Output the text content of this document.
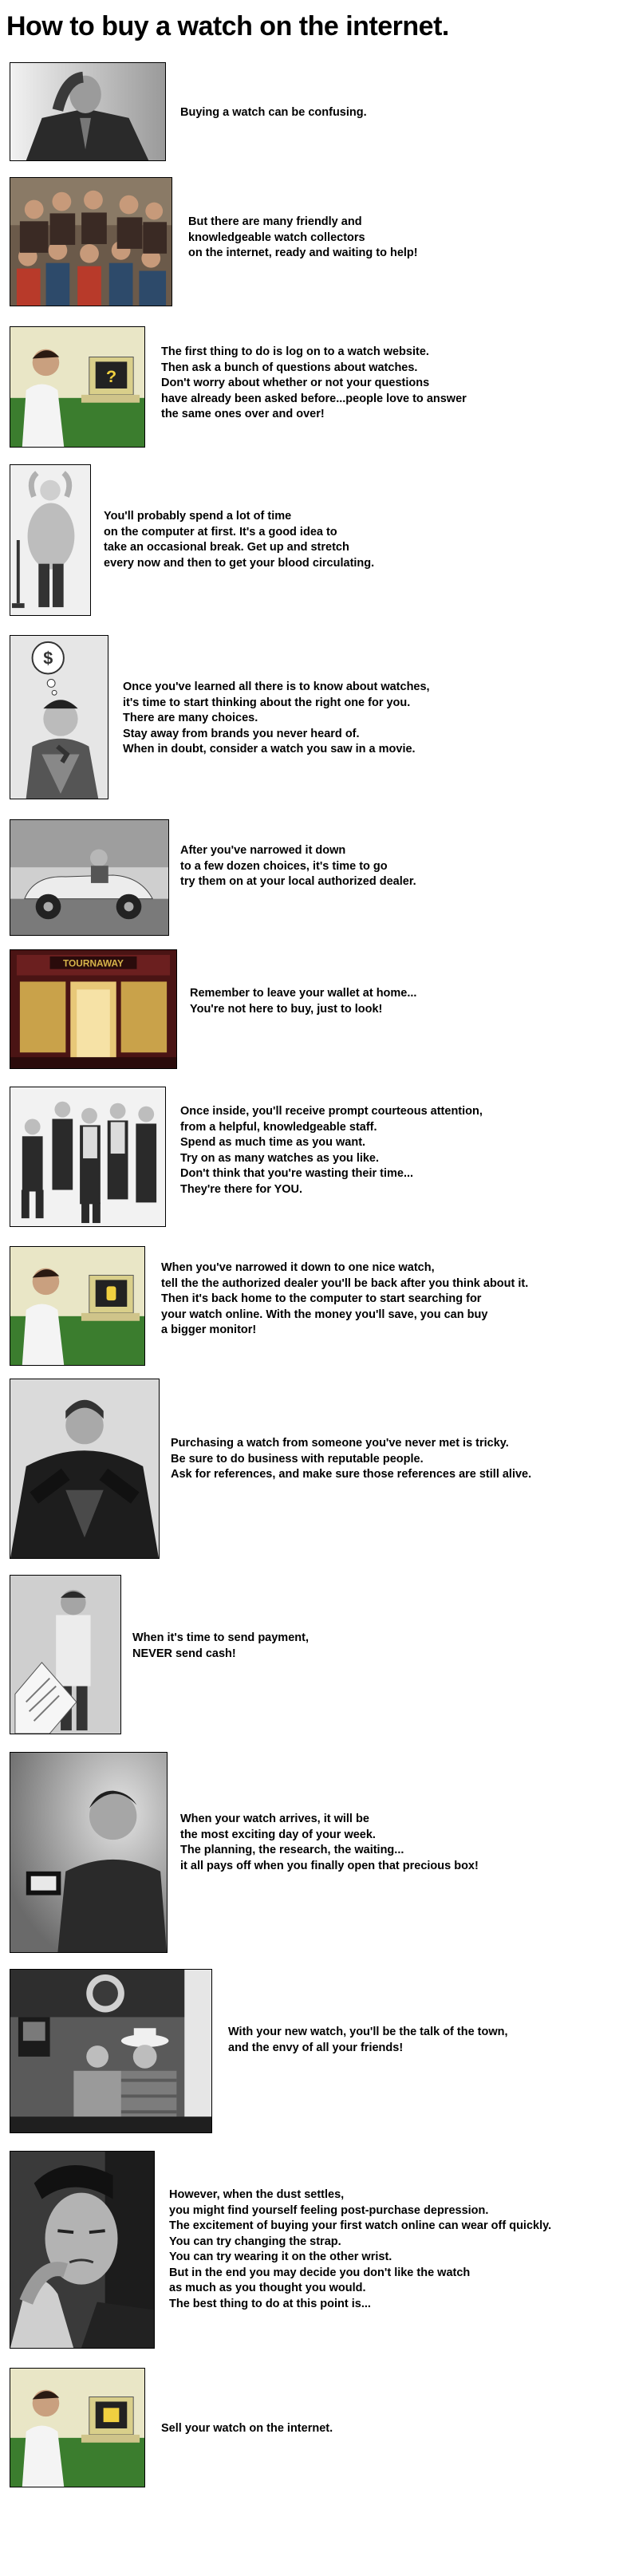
How to buy a watch on the internet.
Buying a watch can be confusing.
But there are many friendly and
knowledgeable watch collectors
on the internet, ready and waiting to help!
?
The first thing to do is log on to a watch website.
Then ask a bunch of questions about watches.
Don't worry about whether or not your questions
have already been asked before...people love to answer
the same ones over and over!
You'll probably spend a lot of time
on the computer at first. It's a good idea to
take an occasional break. Get up and stretch
every now and then to get your blood circulating.
$
Once you've learned all there is to know about watches,
it's time to start thinking about the right one for you.
There are many choices.
Stay away from brands you never heard of.
When in doubt, consider a watch you saw in a movie.
After you've narrowed it down
to a few dozen choices, it's time to go
try them on at your local authorized dealer.
TOURNAWAY
Remember to leave your wallet at home...
You're not here to buy, just to look!
Once inside, you'll receive prompt courteous attention,
from a helpful, knowledgeable staff.
Spend as much time as you want.
Try on as many watches as you like.
Don't think that you're wasting their time...
They're there for YOU.
When you've narrowed it down to one nice watch,
tell the the authorized dealer you'll be back after you think about it.
Then it's back home to the computer to start searching for
your watch online. With the money you'll save, you can buy
a bigger monitor!
Purchasing a watch from someone you've never met is tricky.
Be sure to do business with reputable people.
Ask for references, and make sure those references are still alive.
When it's time to send payment,
NEVER send cash!
When your watch arrives, it will be
the most exciting day of your week.
The planning, the research, the waiting...
it all pays off when you finally open that precious box!
With your new watch, you'll be the talk of the town,
and the envy of all your friends!
However, when the dust settles,
you might find yourself feeling post-purchase depression.
The excitement of buying your first watch online can wear off quickly.
You can try changing the strap.
You can try wearing it on the other wrist.
But in the end you may decide you don't like the watch
as much as you thought you would.
The best thing to do at this point is...
Sell your watch on the internet.
